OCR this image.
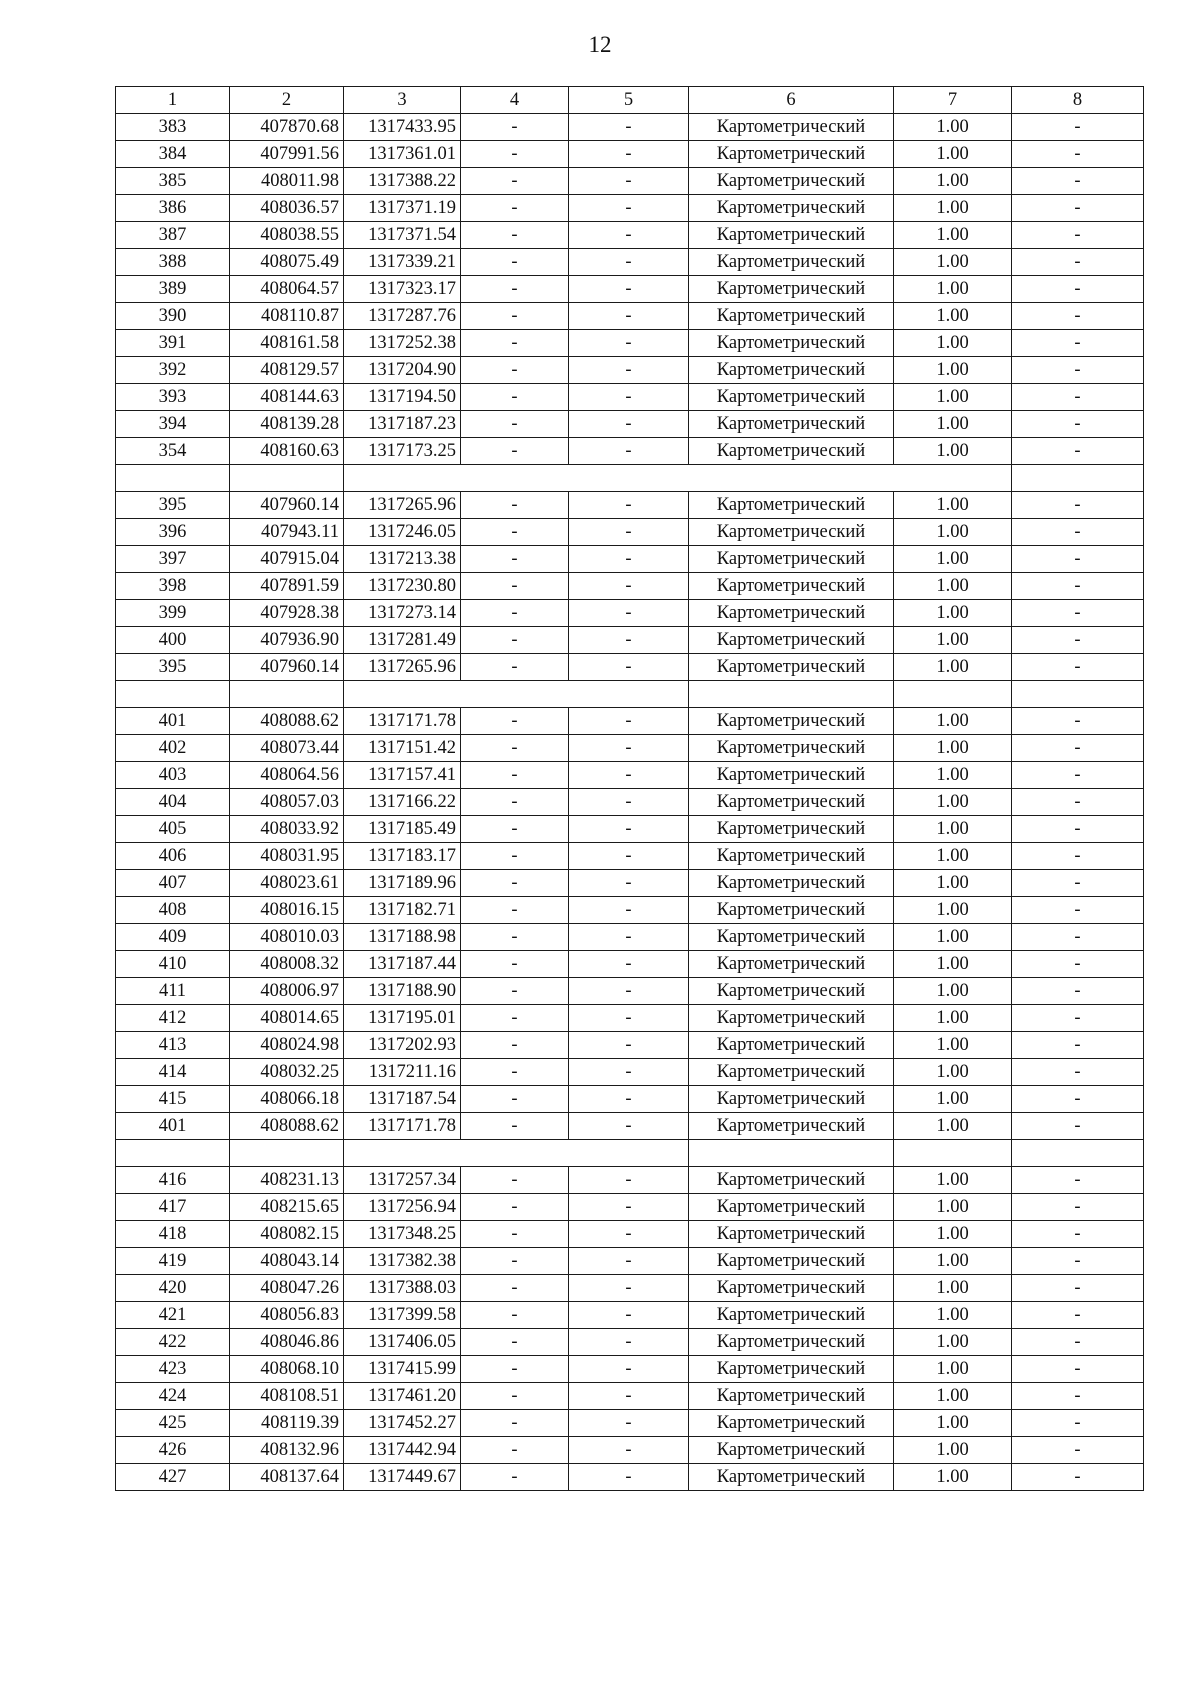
12
1	2	3	4	5	6	7	8
383	407870.68	1317433.95	-	-	Картометрический	1.00	-
384	407991.56	1317361.01	-	-	Картометрический	1.00	-
385	408011.98	1317388.22	-	-	Картометрический	1.00	-
386	408036.57	1317371.19	-	-	Картометрический	1.00	-
387	408038.55	1317371.54	-	-	Картометрический	1.00	-
388	408075.49	1317339.21	-	-	Картометрический	1.00	-
389	408064.57	1317323.17	-	-	Картометрический	1.00	-
390	408110.87	1317287.76	-	-	Картометрический	1.00	-
391	408161.58	1317252.38	-	-	Картометрический	1.00	-
392	408129.57	1317204.90	-	-	Картометрический	1.00	-
393	408144.63	1317194.50	-	-	Картометрический	1.00	-
394	408139.28	1317187.23	-	-	Картометрический	1.00	-
354	408160.63	1317173.25	-	-	Картометрический	1.00	-

395	407960.14	1317265.96	-	-	Картометрический	1.00	-
396	407943.11	1317246.05	-	-	Картометрический	1.00	-
397	407915.04	1317213.38	-	-	Картометрический	1.00	-
398	407891.59	1317230.80	-	-	Картометрический	1.00	-
399	407928.38	1317273.14	-	-	Картометрический	1.00	-
400	407936.90	1317281.49	-	-	Картометрический	1.00	-
395	407960.14	1317265.96	-	-	Картометрический	1.00	-

401	408088.62	1317171.78	-	-	Картометрический	1.00	-
402	408073.44	1317151.42	-	-	Картометрический	1.00	-
403	408064.56	1317157.41	-	-	Картометрический	1.00	-
404	408057.03	1317166.22	-	-	Картометрический	1.00	-
405	408033.92	1317185.49	-	-	Картометрический	1.00	-
406	408031.95	1317183.17	-	-	Картометрический	1.00	-
407	408023.61	1317189.96	-	-	Картометрический	1.00	-
408	408016.15	1317182.71	-	-	Картометрический	1.00	-
409	408010.03	1317188.98	-	-	Картометрический	1.00	-
410	408008.32	1317187.44	-	-	Картометрический	1.00	-
411	408006.97	1317188.90	-	-	Картометрический	1.00	-
412	408014.65	1317195.01	-	-	Картометрический	1.00	-
413	408024.98	1317202.93	-	-	Картометрический	1.00	-
414	408032.25	1317211.16	-	-	Картометрический	1.00	-
415	408066.18	1317187.54	-	-	Картометрический	1.00	-
401	408088.62	1317171.78	-	-	Картометрический	1.00	-

416	408231.13	1317257.34	-	-	Картометрический	1.00	-
417	408215.65	1317256.94	-	-	Картометрический	1.00	-
418	408082.15	1317348.25	-	-	Картометрический	1.00	-
419	408043.14	1317382.38	-	-	Картометрический	1.00	-
420	408047.26	1317388.03	-	-	Картометрический	1.00	-
421	408056.83	1317399.58	-	-	Картометрический	1.00	-
422	408046.86	1317406.05	-	-	Картометрический	1.00	-
423	408068.10	1317415.99	-	-	Картометрический	1.00	-
424	408108.51	1317461.20	-	-	Картометрический	1.00	-
425	408119.39	1317452.27	-	-	Картометрический	1.00	-
426	408132.96	1317442.94	-	-	Картометрический	1.00	-
427	408137.64	1317449.67	-	-	Картометрический	1.00	-
